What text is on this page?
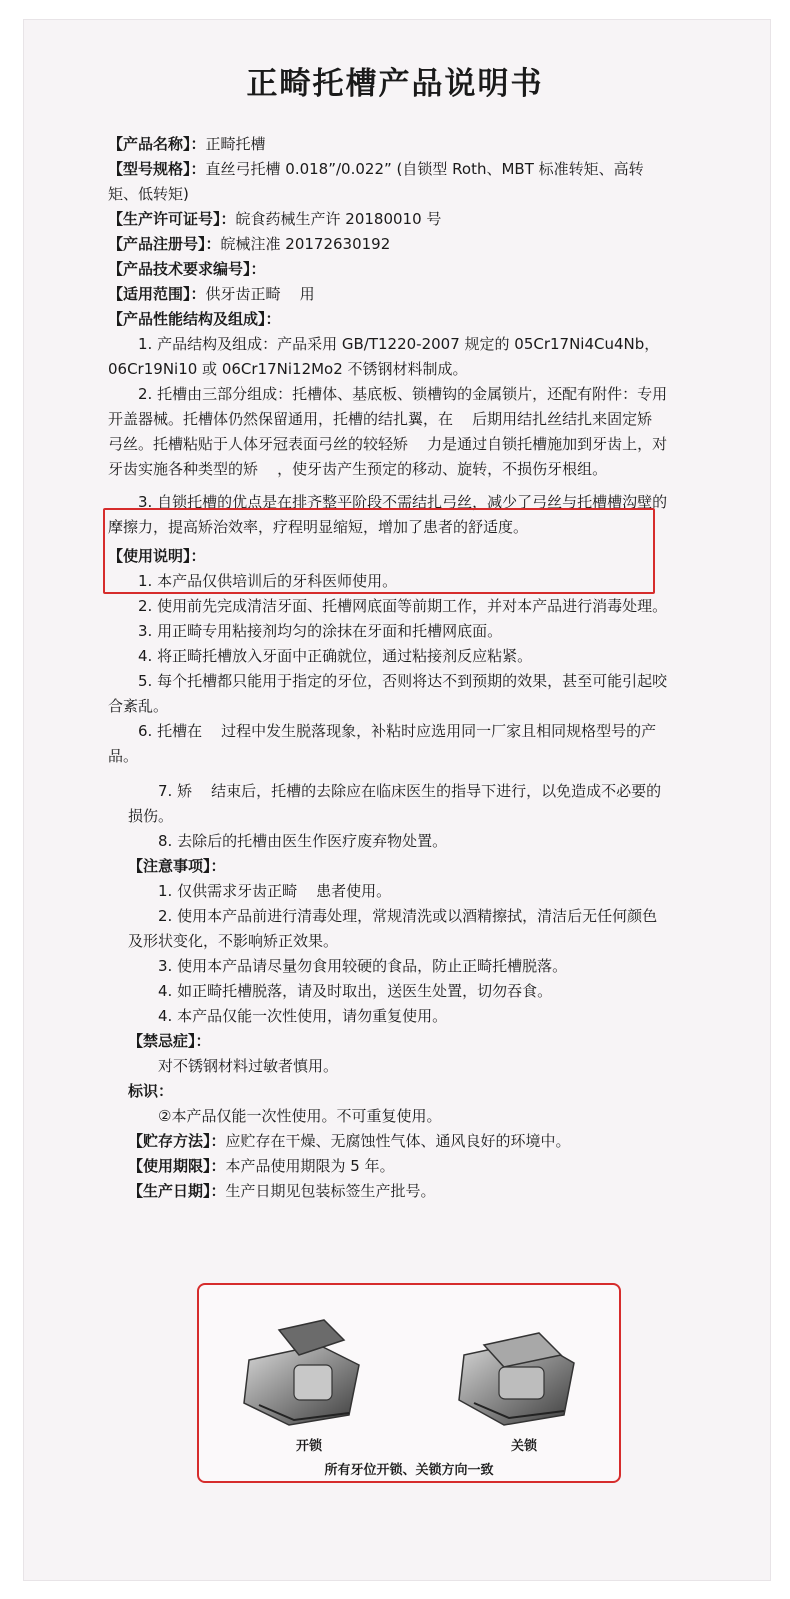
正畸托槽产品说明书
【产品名称】：正畸托槽
【型号规格】：直丝弓托槽 0.018”/0.022” (自锁型 Roth、MBT 标准转矩、高转矩、低转矩)
【生产许可证号】：皖食药械生产许 20180010 号
【产品注册号】：皖械注准 20172630192
【产品技术要求编号】：
【适用范围】：供牙齿正畸    用
【产品性能结构及组成】：
1. 产品结构及组成：产品采用 GB/T1220-2007 规定的 05Cr17Ni4Cu4Nb，06Cr19Ni10 或 06Cr17Ni12Mo2 不锈钢材料制成。
2. 托槽由三部分组成：托槽体、基底板、锁槽钩的金属锁片，还配有附件：专用开盖器械。托槽体仍然保留通用，托槽的结扎翼，在    后期用结扎丝结扎来固定矫    弓丝。托槽粘贴于人体牙冠表面弓丝的较轻矫    力是通过自锁托槽施加到牙齿上，对牙齿实施各种类型的矫    ，使牙齿产生预定的移动、旋转，不损伤牙根组。
3. 自锁托槽的优点是在排齐整平阶段不需结扎弓丝，减少了弓丝与托槽槽沟壁的摩擦力，提高矫治效率，疗程明显缩短，增加了患者的舒适度。
【使用说明】：
1. 本产品仅供培训后的牙科医师使用。
2. 使用前先完成清洁牙面、托槽网底面等前期工作，并对本产品进行消毒处理。
3. 用正畸专用粘接剂均匀的涂抹在牙面和托槽网底面。
4. 将正畸托槽放入牙面中正确就位，通过粘接剂反应粘紧。
5. 每个托槽都只能用于指定的牙位，否则将达不到预期的效果，甚至可能引起咬合紊乱。
6. 托槽在    过程中发生脱落现象，补粘时应选用同一厂家且相同规格型号的产品。
7. 矫    结束后，托槽的去除应在临床医生的指导下进行，以免造成不必要的损伤。
8. 去除后的托槽由医生作医疗废弃物处置。
【注意事项】：
1. 仅供需求牙齿正畸    患者使用。
2. 使用本产品前进行清毒处理，常规清洗或以酒精擦拭，清洁后无任何颜色及形状变化，不影响矫正效果。
3. 使用本产品请尽量勿食用较硬的食品，防止正畸托槽脱落。
4. 如正畸托槽脱落，请及时取出，送医生处置，切勿吞食。
4. 本产品仅能一次性使用，请勿重复使用。
【禁忌症】：
对不锈钢材料过敏者慎用。
标识：
②本产品仅能一次性使用。不可重复使用。
【贮存方法】：应贮存在干燥、无腐蚀性气体、通风良好的环境中。
【使用期限】：本产品使用期限为 5 年。
【生产日期】：生产日期见包装标签生产批号。
开锁	关锁
所有牙位开锁、关锁方向一致
